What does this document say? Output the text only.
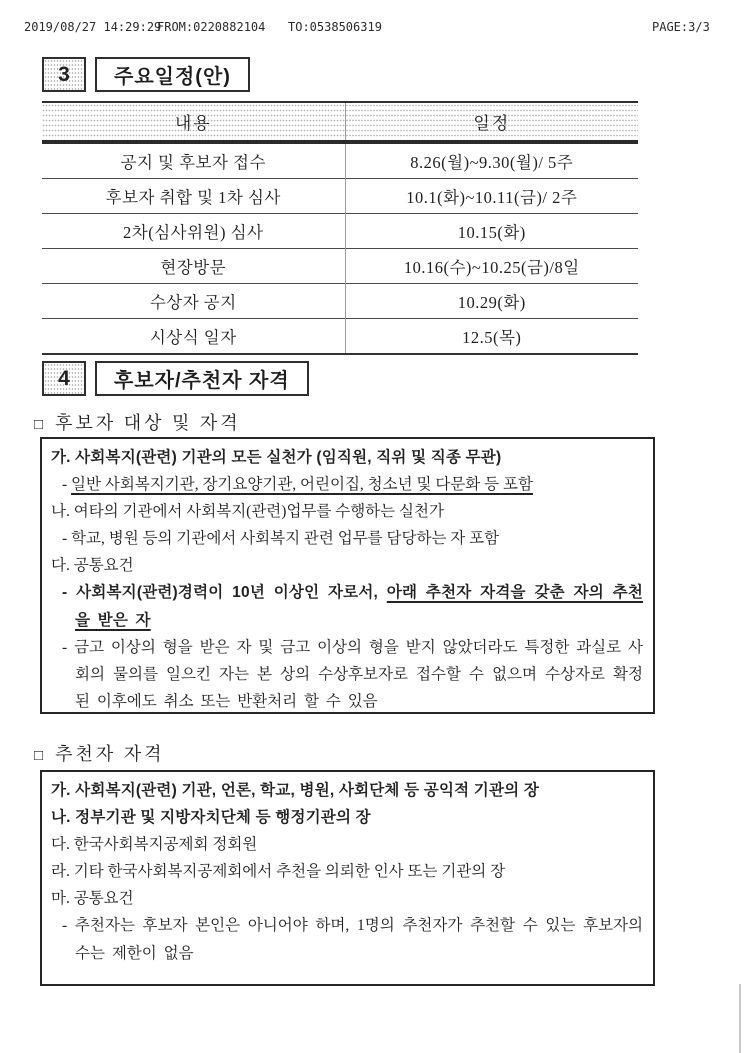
2019/08/27 14:29:29
FROM:0220882104 TO:0538506319	PAGE:3/3
3	주요일정(안)
내용	일정
공지 및 후보자 접수	8.26(월)~9.30(월)/ 5주
후보자 취합 및 1차 심사	10.1(화)~10.11(금)/ 2주
2차(심사위원) 심사	10.15(화)
현장방문	10.16(수)~10.25(금)/8일
수상자 공지	10.29(화)
시상식 일자	12.5(목)
4	후보자/추천자 자격
□ 후보자 대상 및 자격
가. 사회복지(관련) 기관의 모든 실천가 (임직원, 직위 및 직종 무관)
- 일반 사회복지기관, 장기요양기관, 어린이집, 청소년 및 다문화 등 포함
나. 여타의 기관에서 사회복지(관련)업무를 수행하는 실천가
- 학교, 병원 등의 기관에서 사회복지 관련 업무를 담당하는 자 포함
다. 공통요건
- 사회복지(관련)경력이 10년 이상인 자로서, 아래 추천자 자격을 갖춘 자의 추천을 받은 자
- 금고 이상의 형을 받은 자 및 금고 이상의 형을 받지 않았더라도 특정한 과실로 사회의 물의를 일으킨 자는 본 상의 수상후보자로 접수할 수 없으며 수상자로 확정된 이후에도 취소 또는 반환처리 할 수 있음
□ 추천자 자격
가. 사회복지(관련) 기관, 언론, 학교, 병원, 사회단체 등 공익적 기관의 장
나. 정부기관 및 지방자치단체 등 행정기관의 장
다. 한국사회복지공제회 정회원
라. 기타 한국사회복지공제회에서 추천을 의뢰한 인사 또는 기관의 장
마. 공통요건
- 추천자는 후보자 본인은 아니어야 하며, 1명의 추천자가 추천할 수 있는 후보자의 수는 제한이 없음
